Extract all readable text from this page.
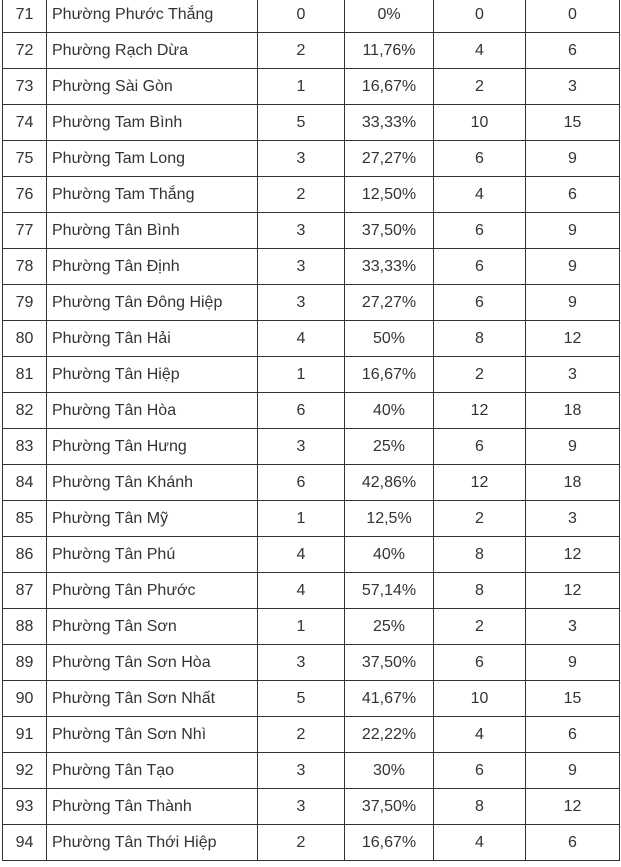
71	Phường Phước Thắng	0	0%	0	0
72	Phường Rạch Dừa	2	11,76%	4	6
73	Phường Sài Gòn	1	16,67%	2	3
74	Phường Tam Bình	5	33,33%	10	15
75	Phường Tam Long	3	27,27%	6	9
76	Phường Tam Thắng	2	12,50%	4	6
77	Phường Tân Bình	3	37,50%	6	9
78	Phường Tân Định	3	33,33%	6	9
79	Phường Tân Đông Hiệp	3	27,27%	6	9
80	Phường Tân Hải	4	50%	8	12
81	Phường Tân Hiệp	1	16,67%	2	3
82	Phường Tân Hòa	6	40%	12	18
83	Phường Tân Hưng	3	25%	6	9
84	Phường Tân Khánh	6	42,86%	12	18
85	Phường Tân Mỹ	1	12,5%	2	3
86	Phường Tân Phú	4	40%	8	12
87	Phường Tân Phước	4	57,14%	8	12
88	Phường Tân Sơn	1	25%	2	3
89	Phường Tân Sơn Hòa	3	37,50%	6	9
90	Phường Tân Sơn Nhất	5	41,67%	10	15
91	Phường Tân Sơn Nhì	2	22,22%	4	6
92	Phường Tân Tạo	3	30%	6	9
93	Phường Tân Thành	3	37,50%	8	12
94	Phường Tân Thới Hiệp	2	16,67%	4	6
